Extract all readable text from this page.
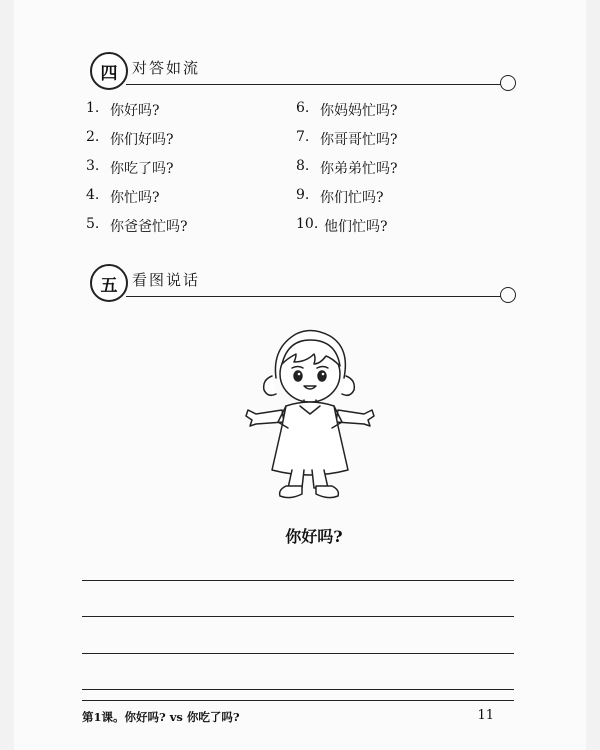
四 对答如流
1. 你好吗?	6. 你妈妈忙吗?
2. 你们好吗?	7. 你哥哥忙吗?
3. 你吃了吗?	8. 你弟弟忙吗?
4. 你忙吗?	9. 你们忙吗?
5. 你爸爸忙吗?	10. 他们忙吗?
五 看图说话
你好吗?
第1课。你好吗? vs 你吃了吗?	11
